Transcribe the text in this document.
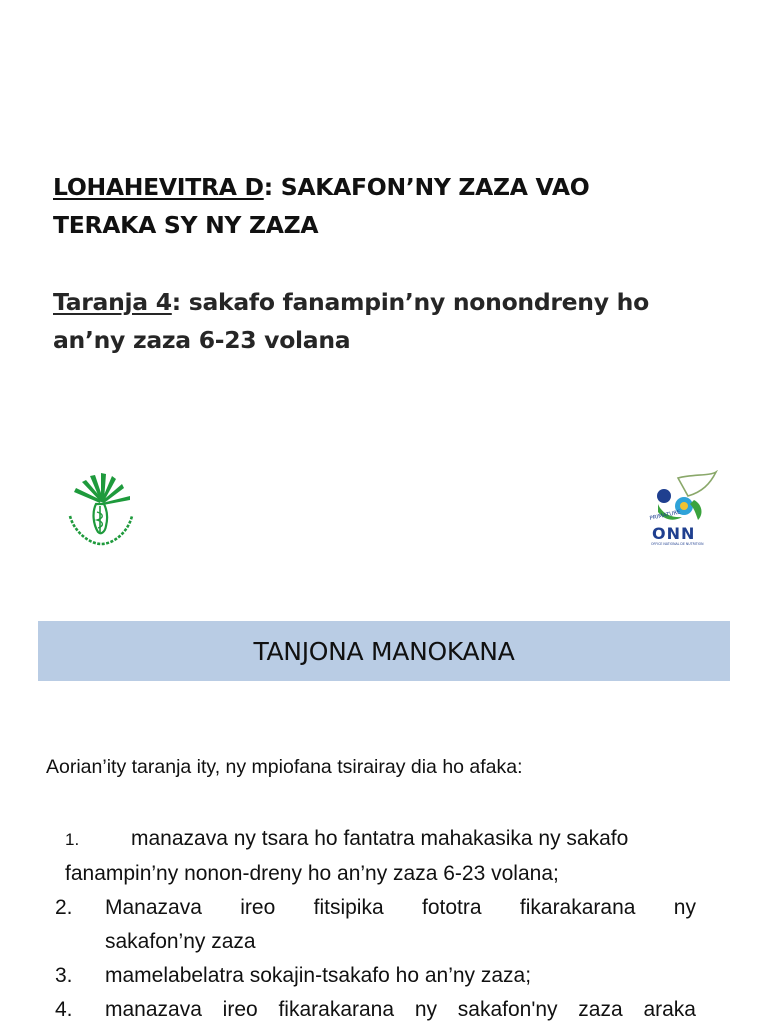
LOHAHEVITRA D: SAKAFON’NY ZAZA VAO
TERAKA SY NY ZAZA
Taranja 4: sakafo fanampin’ny nonondreny ho
an’ny zaza 6-23 volana
PRIMATURE
ONN
OFFICE NATIONAL DE NUTRITION
TANJONA MANOKANA
Aorian’ity taranja ity, ny mpiofana tsirairay dia ho afaka:
1. manazava ny tsara ho fantatra mahakasika ny sakafo
fanampin’ny nonon-dreny ho an’ny zaza 6-23 volana;
2. Manazava ireo fitsipika fototra fikarakarana ny
sakafon’ny zaza
3. mamelabelatra sokajin-tsakafo ho an’ny zaza;
4. manazava ireo fikarakarana ny sakafon'ny zaza araka
